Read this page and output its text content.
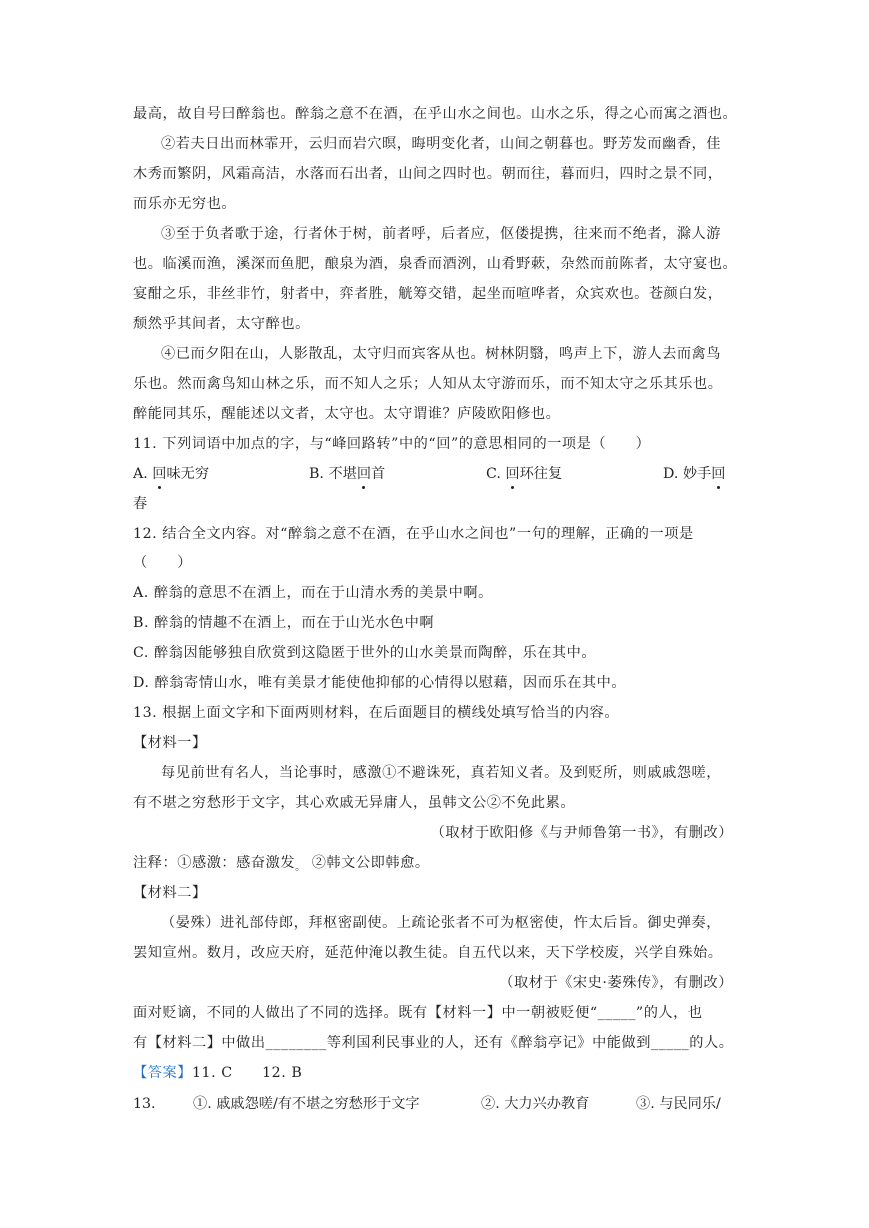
最高，故自号曰醉翁也。醉翁之意不在酒，在乎山水之间也。山水之乐，得之心而寓之酒也。
②若夫日出而林霏开，云归而岩穴暝，晦明变化者，山间之朝暮也。野芳发而幽香，佳
木秀而繁阴，风霜高洁，水落而石出者，山间之四时也。朝而往，暮而归，四时之景不同，
而乐亦无穷也。
③至于负者歌于途，行者休于树，前者呼，后者应，伛偻提携，往来而不绝者，滁人游
也。临溪而渔，溪深而鱼肥，酿泉为酒，泉香而酒洌，山肴野蔌，杂然而前陈者，太守宴也。
宴酣之乐，非丝非竹，射者中，弈者胜，觥筹交错，起坐而喧哗者，众宾欢也。苍颜白发，
颓然乎其间者，太守醉也。
④已而夕阳在山，人影散乱，太守归而宾客从也。树林阴翳，鸣声上下，游人去而禽鸟
乐也。然而禽鸟知山林之乐，而不知人之乐；人知从太守游而乐，而不知太守之乐其乐也。
醉能同其乐，醒能述以文者，太守也。太守谓谁？庐陵欧阳修也。
11. 下列词语中加点的字，与“峰回路转”中的“回”的意思相同的一项是（　　）
A. 回味无穷	B. 不堪回首	C. 回环往复	D. 妙手回
春
12. 结合全文内容。对“醉翁之意不在酒，在乎山水之间也”一句的理解，正确的一项是
（　　）
A. 醉翁的意思不在酒上，而在于山清水秀的美景中啊。
B. 醉翁的情趣不在酒上，而在于山光水色中啊
C. 醉翁因能够独自欣赏到这隐匿于世外的山水美景而陶醉，乐在其中。
D. 醉翁寄情山水，唯有美景才能使他抑郁的心情得以慰藉，因而乐在其中。
13. 根据上面文字和下面两则材料，在后面题目的横线处填写恰当的内容。
【材料一】
每见前世有名人，当论事时，感激①不避诛死，真若知义者。及到贬所，则戚戚怨嗟，
有不堪之穷愁形于文字，其心欢戚无异庸人，虽韩文公②不免此累。
（取材于欧阳修《与尹师鲁第一书》，有删改）
注释：①感激：感奋激发$_。$ ②韩文公即韩愈。
【材料二】
（晏殊）进礼部侍郎，拜枢密副使。上疏论张者不可为枢密使，忤太后旨。御史弹奏，
罢知宣州。数月，改应天府，延范仲淹以教生徒。自五代以来，天下学校废，兴学自殊始。
（取材于《宋史·萎殊传》，有删改）
面对贬谪，不同的人做出了不同的选择。既有【材料一】中一朝被贬便“_____”的人，也
有【材料二】中做出________等利国利民事业的人，还有《醉翁亭记》中能做到_____的人。
【答案】11. C　　12. B
13.	①. 戚戚怨嗟/有不堪之穷愁形于文字	②. 大力兴办教育	③. 与民同乐/
